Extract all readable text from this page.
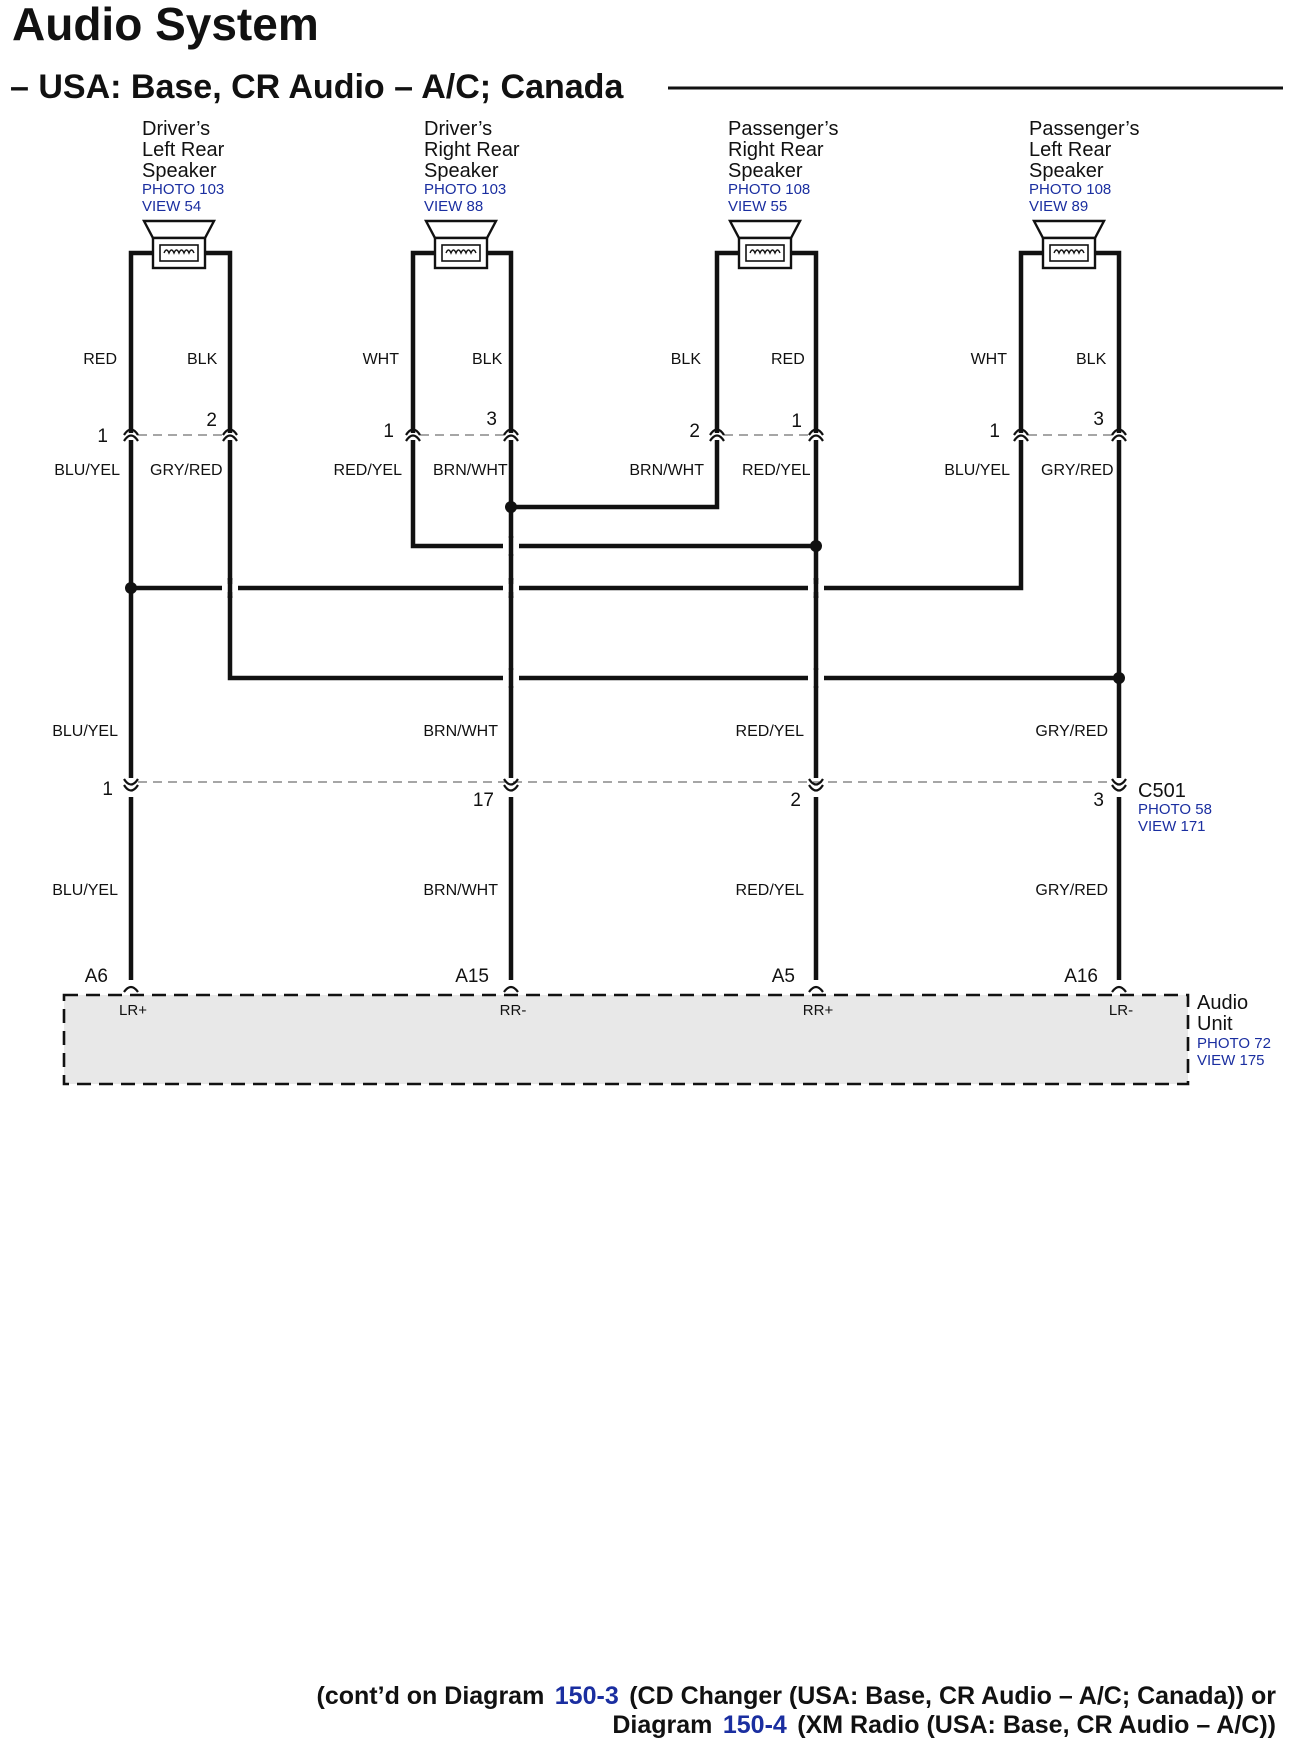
Audio System
– USA: Base, CR Audio – A/C; Canada
Driver’s
Left Rear
Speaker
PHOTO 103
VIEW 54
Driver’s
Right Rear
Speaker
PHOTO 103
VIEW 88
Passenger’s
Right Rear
Speaker
PHOTO 108
VIEW 55
Passenger’s
Left Rear
Speaker
PHOTO 108
VIEW 89
RED	BLK	WHT	BLK	BLK	RED	WHT	BLK
1
2
1
3
2	1	1
3
BLU/YEL GRY/RED	RED/YEL BRN/WHT	BRN/WHT RED/YEL	BLU/YEL GRY/RED
BLU/YEL	BRN/WHT	RED/YEL	GRY/RED
1
17	2	3 C501
PHOTO 58
VIEW 171
BLU/YEL	BRN/WHT	RED/YEL	GRY/RED
A6	A15	A5	A16
LR+	RR-	RR+	LR-	Audio
Unit
PHOTO 72
VIEW 175
(cont’d on Diagram 150-3 (CD Changer (USA: Base, CR Audio – A/C; Canada)) or
Diagram 150-4 (XM Radio (USA: Base, CR Audio – A/C))
